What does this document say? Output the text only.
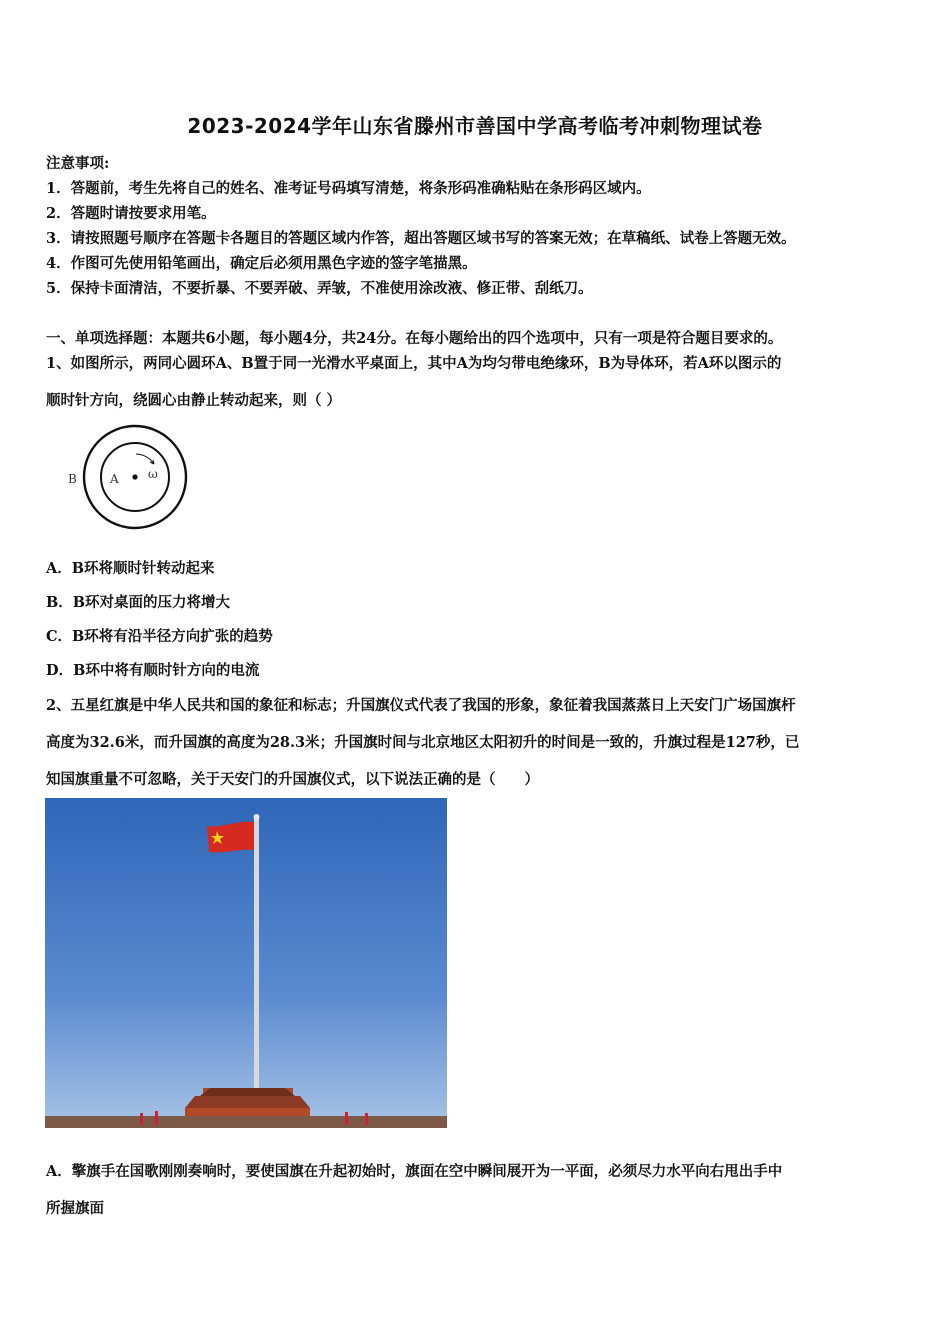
2023-2024学年山东省滕州市善国中学高考临考冲刺物理试卷
注意事项:
1．答题前，考生先将自己的姓名、准考证号码填写清楚，将条形码准确粘贴在条形码区域内。
2．答题时请按要求用笔。
3．请按照题号顺序在答题卡各题目的答题区域内作答，超出答题区域书写的答案无效；在草稿纸、试卷上答题无效。
4．作图可先使用铅笔画出，确定后必须用黑色字迹的签字笔描黑。
5．保持卡面清洁，不要折暴、不要弄破、弄皱，不准使用涂改液、修正带、刮纸刀。
一、单项选择题：本题共6小题，每小题4分，共24分。在每小题给出的四个选项中，只有一项是符合题目要求的。
1、如图所示，两同心圆环A、B置于同一光滑水平桌面上，其中A为均匀带电绝缘环，B为导体环，若A环以图示的
顺时针方向，绕圆心由静止转动起来，则（ ）
B	A ω
A．B环将顺时针转动起来
B．B环对桌面的压力将增大
C．B环将有沿半径方向扩张的趋势
D．B环中将有顺时针方向的电流
2、五星红旗是中华人民共和国的象征和标志；升国旗仪式代表了我国的形象，象征着我国蒸蒸日上天安门广场国旗杆
高度为32.6米，而升国旗的高度为28.3米；升国旗时间与北京地区太阳初升的时间是一致的，升旗过程是127秒，已
知国旗重量不可忽略，关于天安门的升国旗仪式，以下说法正确的是（　　）
A．擎旗手在国歌刚刚奏响时，要使国旗在升起初始时，旗面在空中瞬间展开为一平面，必须尽力水平向右甩出手中
所握旗面
